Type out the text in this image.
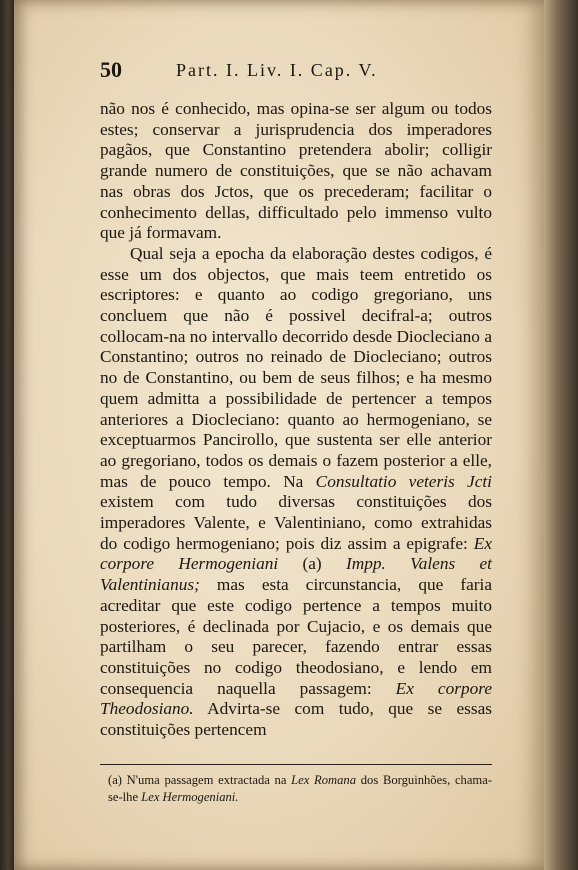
50	Part. I. Liv. I. Cap. V.

não nos é conhecido, mas opina-se ser algum ou todos estes; conservar a jurisprudencia dos imperadores pagãos, que Constantino pretendera abolir; colligir grande numero de constituições, que se não achavam nas obras dos Jctos, que os precederam; facilitar o conhecimento dellas, difficultado pelo immenso vulto que já formavam.

Qual seja a epocha da elaboração destes codigos, é esse um dos objectos, que mais teem entretido os escriptores: e quanto ao codigo gregoriano, uns concluem que não é possivel decifral-a; outros collocam-na no intervallo decorrido desde Diocleciano a Constantino; outros no reinado de Diocleciano; outros no de Constantino, ou bem de seus filhos; e ha mesmo quem admitta a possibilidade de pertencer a tempos anteriores a Diocleciano: quanto ao hermogeniano, se exceptuarmos Pancirollo, que sustenta ser elle anterior ao gregoriano, todos os demais o fazem posterior a elle, mas de pouco tempo. Na Consultatio veteris Jcti existem com tudo diversas constituições dos imperadores Valente, e Valentiniano, como extrahidas do codigo hermogeniano; pois diz assim a epigrafe: Ex corpore Hermogeniani (a) Impp. Valens et Valentinianus; mas esta circunstancia, que faria acreditar que este codigo pertence a tempos muito posteriores, é declinada por Cujacio, e os demais que partilham o seu parecer, fazendo entrar essas constituições no codigo theodosiano, e lendo em consequencia naquella passagem: Ex corpore Theodosiano. Advirta-se com tudo, que se essas constituições pertencem

(a) N'uma passagem extractada na Lex Romana dos Borguinhões, chama-se-lhe Lex Hermogeniani.
